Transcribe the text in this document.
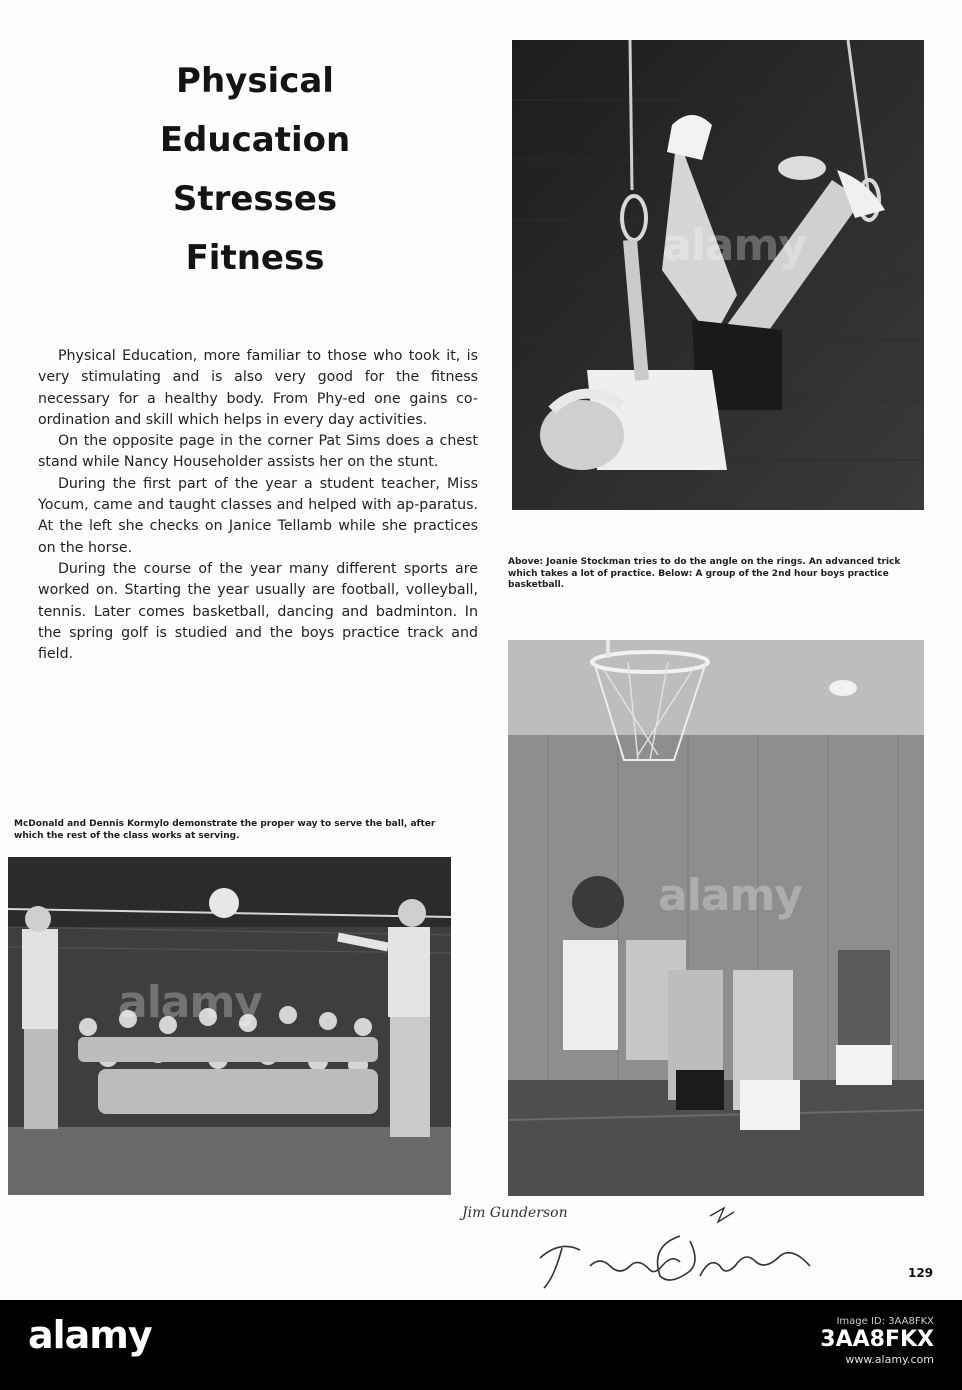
Physical
Education
Stresses
Fitness

Physical Education, more familiar to those who took it, is very stimulating and is also very good for the fitness necessary for a healthy body. From Phy-ed one gains co-ordination and skill which helps in every day activities.

On the opposite page in the corner Pat Sims does a chest stand while Nancy Householder assists her on the stunt.

During the first part of the year a student teacher, Miss Yocum, came and taught classes and helped with ap-paratus. At the left she checks on Janice Tellamb while she practices on the horse.

During the course of the year many different sports are worked on. Starting the year usually are football, volleyball, tennis. Later comes basketball, dancing and badminton. In the spring golf is studied and the boys practice track and field.

alamy
Above: Joanie Stockman tries to do the angle on the rings. An advanced trick which takes a lot of practice. Below: A group of the 2nd hour boys practice basketball.
alamy
McDonald and Dennis Kormylo demonstrate the proper way to serve the ball, after which the rest of the class works at serving.
alamy
Jim Gunderson
129
alamy	Image ID: 3AA8FKX
3AA8FKX
www.alamy.com
